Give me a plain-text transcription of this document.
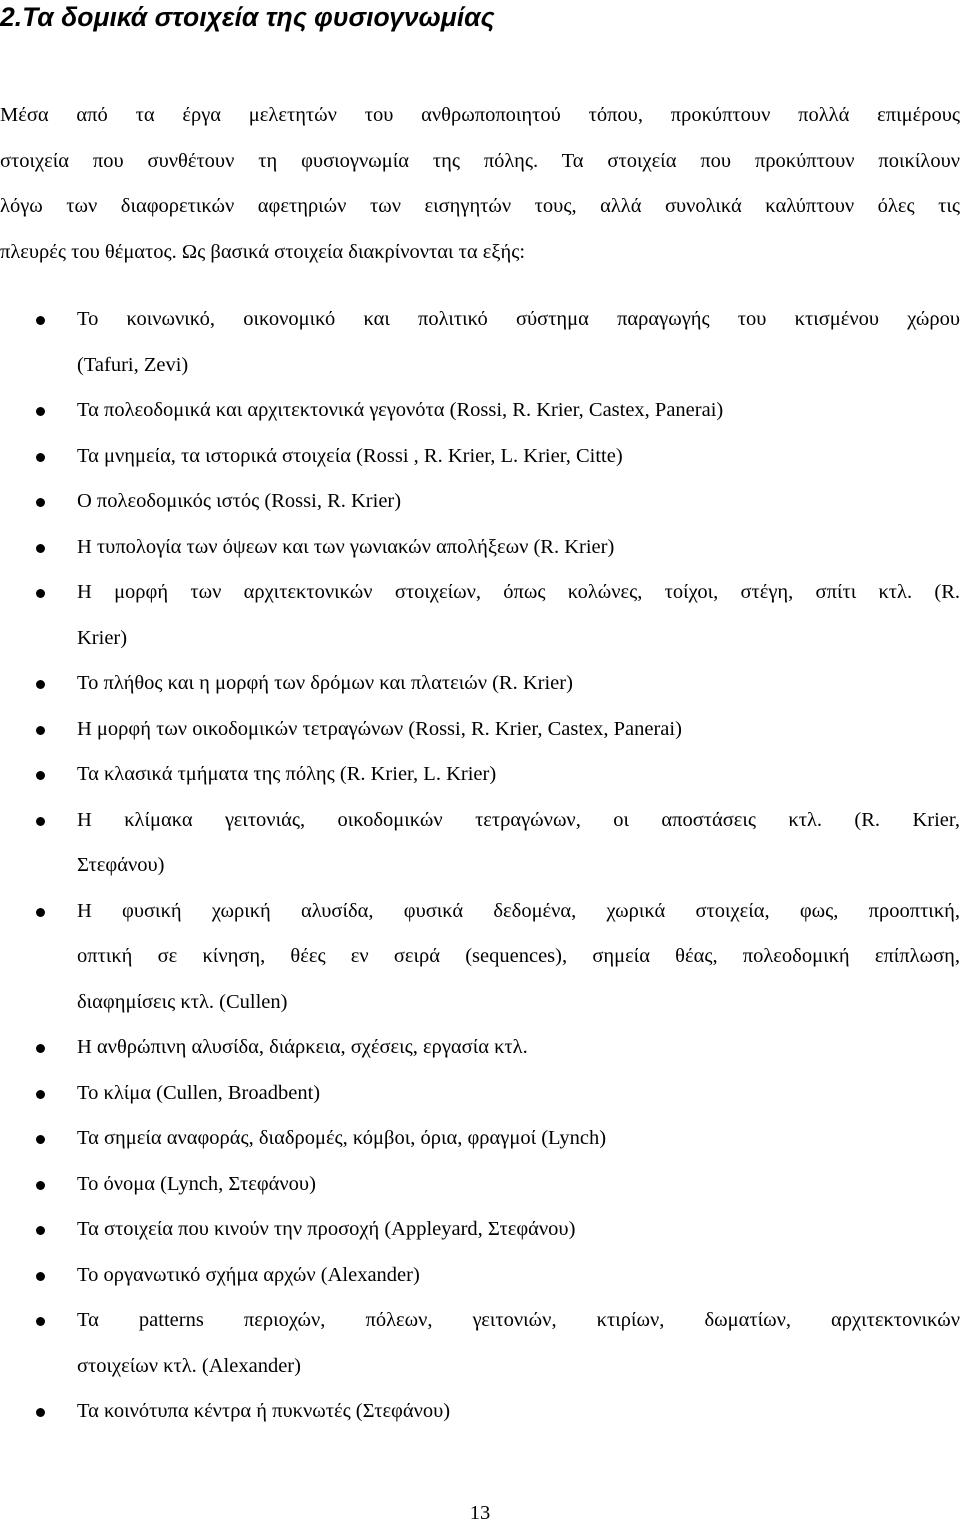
2.Τα δομικά στοιχεία της φυσιογνωμίας
Μέσα από τα έργα μελετητών του ανθρωποποιητού τόπου, προκύπτουν πολλά επιμέρους
στοιχεία που συνθέτουν τη φυσιογνωμία της πόλης. Τα στοιχεία που προκύπτουν ποικίλουν
λόγω των διαφορετικών αφετηριών των εισηγητών τους, αλλά συνολικά καλύπτουν όλες τις
πλευρές του θέματος. Ως βασικά στοιχεία διακρίνονται τα εξής:
Το κοινωνικό, οικονομικό και πολιτικό σύστημα παραγωγής του κτισμένου χώρου
(Tafuri, Zevi)
Τα πολεοδομικά και αρχιτεκτονικά γεγονότα (Rossi, R. Krier, Castex, Panerai)
Τα μνημεία, τα ιστορικά στοιχεία (Rossi , R. Krier, L. Krier, Citte)
Ο πολεοδομικός ιστός (Rossi, R. Krier)
Η τυπολογία των όψεων και των γωνιακών απολήξεων (R. Krier)
Η μορφή των αρχιτεκτονικών στοιχείων, όπως κολώνες, τοίχοι, στέγη, σπίτι κτλ. (R.
Krier)
Το πλήθος και η μορφή των δρόμων και πλατειών (R. Krier)
Η μορφή των οικοδομικών τετραγώνων (Rossi, R. Krier, Castex, Panerai)
Τα κλασικά τμήματα της πόλης (R. Krier, L. Krier)
Η κλίμακα γειτονιάς, οικοδομικών τετραγώνων, οι αποστάσεις κτλ. (R. Krier,
Στεφάνου)
Η φυσική χωρική αλυσίδα, φυσικά δεδομένα, χωρικά στοιχεία, φως, προοπτική,
οπτική σε κίνηση, θέες εν σειρά (sequences), σημεία θέας, πολεοδομική επίπλωση,
διαφημίσεις κτλ. (Cullen)
Η ανθρώπινη αλυσίδα, διάρκεια, σχέσεις, εργασία κτλ.
Το κλίμα (Cullen, Broadbent)
Τα σημεία αναφοράς, διαδρομές, κόμβοι, όρια, φραγμοί (Lynch)
Το όνομα (Lynch, Στεφάνου)
Τα στοιχεία που κινούν την προσοχή (Appleyard, Στεφάνου)
Το οργανωτικό σχήμα αρχών (Alexander)
Τα patterns περιοχών, πόλεων, γειτονιών, κτιρίων, δωματίων, αρχιτεκτονικών
στοιχείων κτλ. (Alexander)
Τα κοινότυπα κέντρα ή πυκνωτές (Στεφάνου)
13
